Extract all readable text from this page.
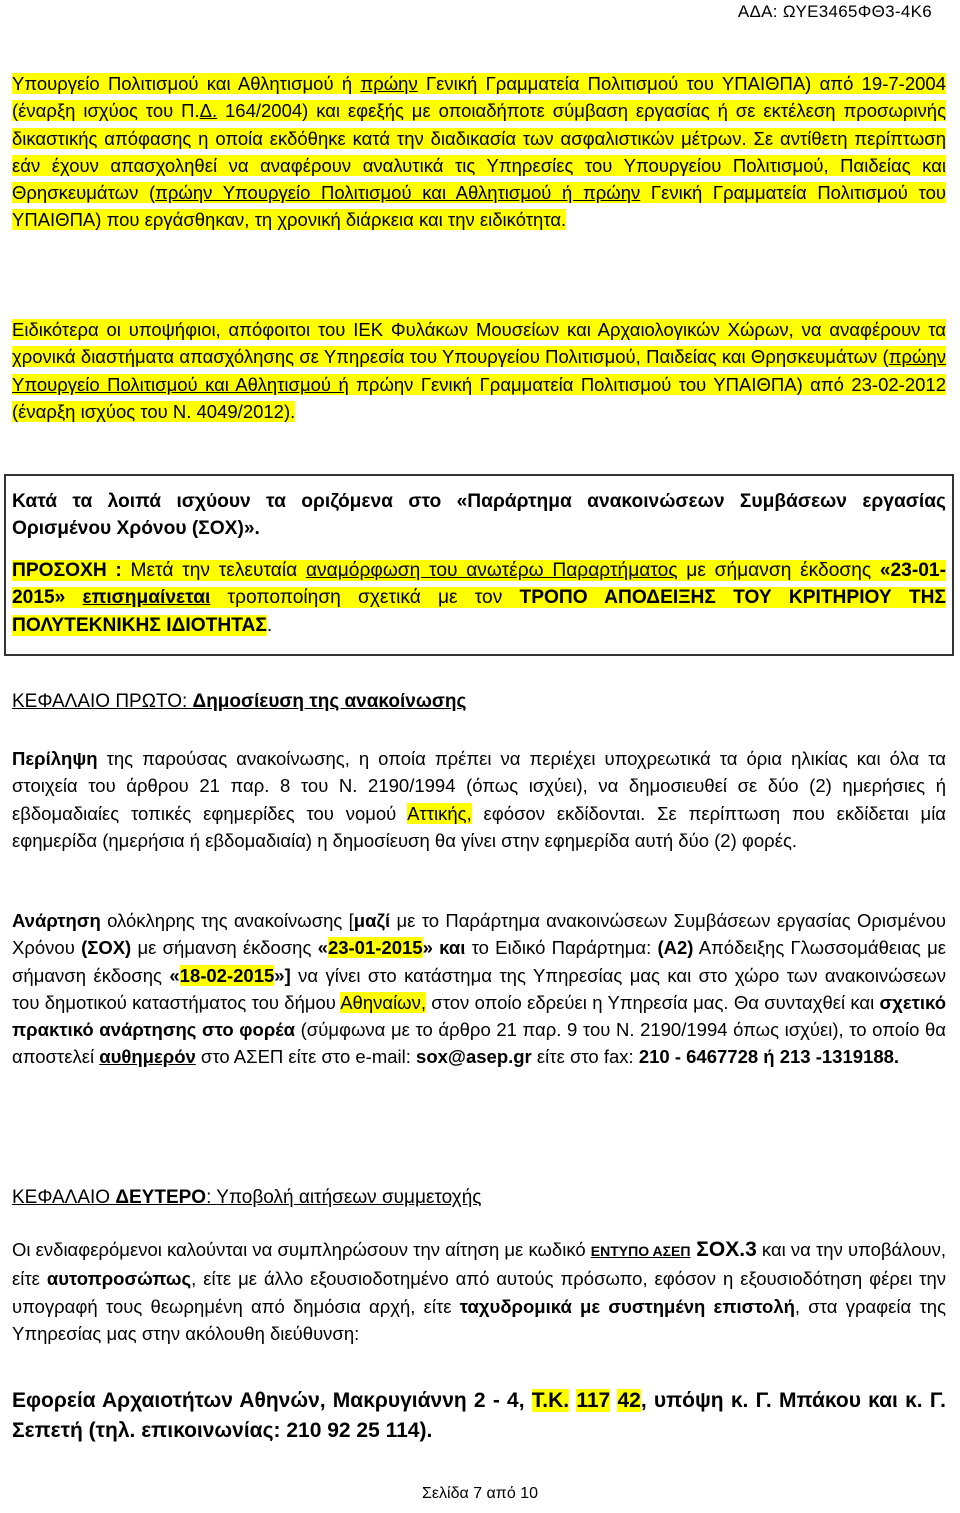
ΑΔΑ: ΩΥΕ3465ΦΘ3-4Κ6

Υπουργείο Πολιτισμού και Αθλητισμού ή πρώην Γενική Γραμματεία Πολιτισμού του ΥΠΑΙΘΠΑ) από 19-7-2004 (έναρξη ισχύος του Π.Δ. 164/2004) και εφεξής με οποιαδήποτε σύμβαση εργασίας ή σε εκτέλεση προσωρινής δικαστικής απόφασης η οποία εκδόθηκε κατά την διαδικασία των ασφαλιστικών μέτρων. Σε αντίθετη περίπτωση εάν έχουν απασχοληθεί να αναφέρουν αναλυτικά τις Υπηρεσίες του Υπουργείου Πολιτισμού, Παιδείας και Θρησκευμάτων (πρώην Υπουργείο Πολιτισμού και Αθλητισμού ή πρώην Γενική Γραμματεία Πολιτισμού του ΥΠΑΙΘΠΑ) που εργάσθηκαν, τη χρονική διάρκεια και την ειδικότητα.

Ειδικότερα οι υποψήφιοι, απόφοιτοι του ΙΕΚ Φυλάκων Μουσείων και Αρχαιολογικών Χώρων, να αναφέρουν τα χρονικά διαστήματα απασχόλησης σε Υπηρεσία του Υπουργείου Πολιτισμού, Παιδείας και Θρησκευμάτων (πρώην Υπουργείο Πολιτισμού και Αθλητισμού ή πρώην Γενική Γραμματεία Πολιτισμού του ΥΠΑΙΘΠΑ) από 23-02-2012 (έναρξη ισχύος του Ν. 4049/2012).

Κατά τα λοιπά ισχύουν τα οριζόμενα στο «Παράρτημα ανακοινώσεων Συμβάσεων εργασίας Ορισμένου Χρόνου (ΣΟΧ)».

ΠΡΟΣΟΧΗ : Μετά την τελευταία αναμόρφωση του ανωτέρω Παραρτήματος με σήμανση έκδοσης «23-01-2015» επισημαίνεται τροποποίηση σχετικά με τον ΤΡΟΠΟ ΑΠΟΔΕΙΞΗΣ ΤΟΥ ΚΡΙΤΗΡΙΟΥ ΤΗΣ ΠΟΛΥΤΕΚΝΙΚΗΣ ΙΔΙΟΤΗΤΑΣ.

ΚΕΦΑΛΑΙΟ ΠΡΩΤΟ: Δημοσίευση της ανακοίνωσης

Περίληψη της παρούσας ανακοίνωσης, η οποία πρέπει να περιέχει υποχρεωτικά τα όρια ηλικίας και όλα τα στοιχεία του άρθρου 21 παρ. 8 του Ν. 2190/1994 (όπως ισχύει), να δημοσιευθεί σε δύο (2) ημερήσιες ή εβδομαδιαίες τοπικές εφημερίδες του νομού Αττικής, εφόσον εκδίδονται. Σε περίπτωση που εκδίδεται μία εφημερίδα (ημερήσια ή εβδομαδιαία) η δημοσίευση θα γίνει στην εφημερίδα αυτή δύο (2) φορές.

Ανάρτηση ολόκληρης της ανακοίνωσης [μαζί με το Παράρτημα ανακοινώσεων Συμβάσεων εργασίας Ορισμένου Χρόνου (ΣΟΧ) με σήμανση έκδοσης «23-01-2015» και το Ειδικό Παράρτημα: (Α2) Απόδειξης Γλωσσομάθειας με σήμανση έκδοσης «18-02-2015»] να γίνει στο κατάστημα της Υπηρεσίας μας και στο χώρο των ανακοινώσεων του δημοτικού καταστήματος του δήμου Αθηναίων, στον οποίο εδρεύει η Υπηρεσία μας. Θα συνταχθεί και σχετικό πρακτικό ανάρτησης στο φορέα (σύμφωνα με το άρθρο 21 παρ. 9 του Ν. 2190/1994 όπως ισχύει), το οποίο θα αποστελεί αυθημερόν στο ΑΣΕΠ είτε στο e-mail: sox@asep.gr είτε στο fax: 210 - 6467728 ή 213 -1319188.

ΚΕΦΑΛΑΙΟ ΔΕΥΤΕΡΟ: Υποβολή αιτήσεων συμμετοχής

Οι ενδιαφερόμενοι καλούνται να συμπληρώσουν την αίτηση με κωδικό ΕΝΤΥΠΟ ΑΣΕΠ ΣΟΧ.3 και να την υποβάλουν, είτε αυτοπροσώπως, είτε με άλλο εξουσιοδοτημένο από αυτούς πρόσωπο, εφόσον η εξουσιοδότηση φέρει την υπογραφή τους θεωρημένη από δημόσια αρχή, είτε ταχυδρομικά με συστημένη επιστολή, στα γραφεία της Υπηρεσίας μας στην ακόλουθη διεύθυνση:

Εφορεία Αρχαιοτήτων Αθηνών, Μακρυγιάννη 2 - 4, Τ.Κ. 117 42, υπόψη κ. Γ. Μπάκου και κ. Γ. Σεπετή (τηλ. επικοινωνίας: 210 92 25 114).

Σελίδα 7 από 10
